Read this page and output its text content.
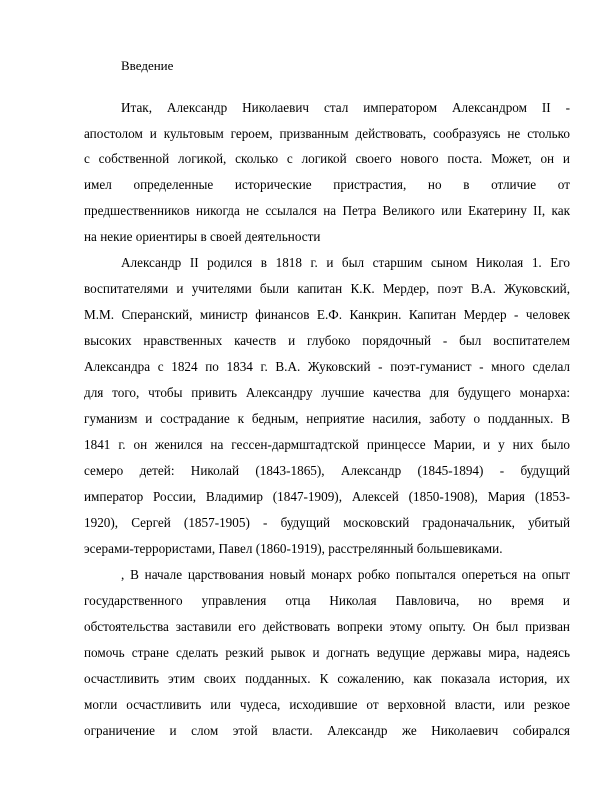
Введение

Итак, Александр Николаевич стал императором Александром II -

апостолом и культовым героем, призванным действовать, сообразуясь не столько

с собственной логикой, сколько с логикой своего нового поста. Может, он и

имел определенные исторические пристрастия, но в отличие от

предшественников никогда не ссылался на Петра Великого или Екатерину II, как

на некие ориентиры в своей деятельности

Александр II родился в 1818 г. и был старшим сыном Николая 1. Его

воспитателями и учителями были капитан К.К. Мердер, поэт В.А. Жуковский,

М.М. Сперанский, министр финансов Е.Ф. Канкрин. Капитан Мердер - человек

высоких нравственных качеств и глубоко порядочный - был воспитателем

Александра с 1824 по 1834 г. В.А. Жуковский - поэт-гуманист - много сделал

для того, чтобы привить Александру лучшие качества для будущего монарха:

гуманизм и сострадание к бедным, неприятие насилия, заботу о подданных. В

1841 г. он женился на гессен-дармштадтской принцессе Марии, и у них было

семеро детей: Николай (1843-1865), Александр (1845-1894) - будущий

император России, Владимир (1847-1909), Алексей (1850-1908), Мария (1853-

1920), Сергей (1857-1905) - будущий московский градоначальник, убитый

эсерами-террористами, Павел (1860-1919), расстрелянный большевиками.

, В начале царствования новый монарх робко попытался опереться на опыт

государственного управления отца Николая Павловича, но время и

обстоятельства заставили его действовать вопреки этому опыту. Он был призван

помочь стране сделать резкий рывок и догнать ведущие державы мира, надеясь

осчастливить этим своих подданных. К сожалению, как показала история, их

могли осчастливить или чудеса, исходившие от верховной власти, или резкое

ограничение и слом этой власти. Александр же Николаевич собирался
